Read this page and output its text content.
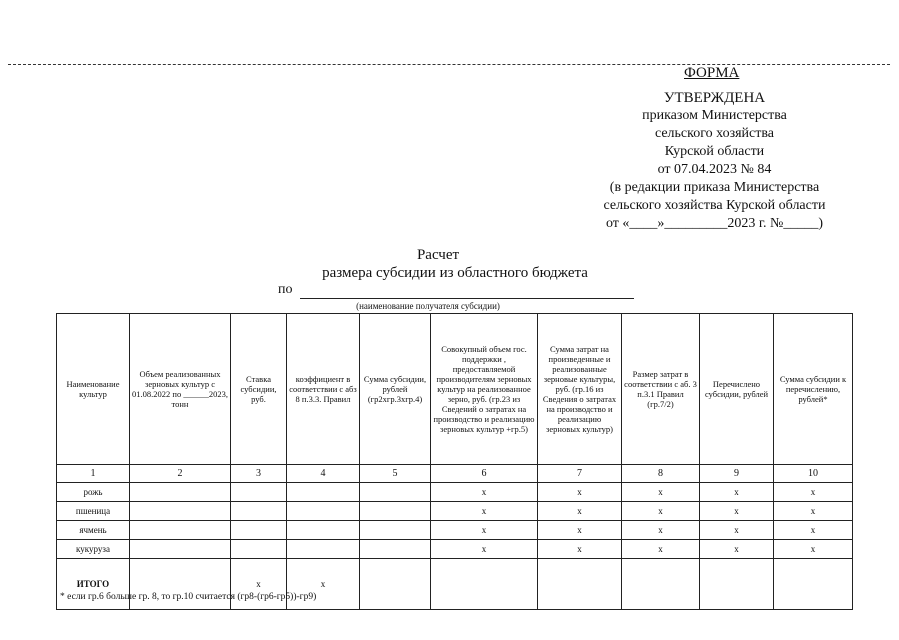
ФОРМА
УТВЕРЖДЕНА
приказом Министерства
сельского хозяйства
Курской области
от 07.04.2023 № 84
(в редакции приказа Министерства
сельского хозяйства Курской области
от «____»_________2023 г. №_____)
Расчет
размера субсидии из областного бюджета
по
(наименование получателя субсидии)
Наименование культур	Объем реализованных зерновых культур с 01.08.2022 по ______2023, тонн	Ставка субсидии, руб.	коэффициент в соответствии с абз 8 п.3.3. Правил	Сумма субсидии, рублей (гр2хгр.3хгр.4)	Совокупный объем гос. поддержки , предоставляемой производителям зерновых культур на реализованное зерно, руб. (гр.23 из Сведений о затратах на производство и реализацию зерновых культур +гр.5)	Сумма затрат на произведенные и реализованные зерновые культуры, руб. (гр.16 из Сведения о затратах на производство и реализацию зерновых культур)	Размер затрат в соответствии с аб. 3 п.3.1 Правил (гр.7/2)	Перечислено субсидии, рублей	Сумма субсидии к перечислению, рублей*
1	2	3	4	5	6	7	8	9	10
рожь					x	x	x	x	x
пшеница					x	x	x	x	x
ячмень					x	x	x	x	x
кукуруза					x	x	x	x	x
ИТОГО		x	x						
* если гр.6 больше гр. 8, то гр.10 считается (гр8-(гр6-гр5))-гр9)
